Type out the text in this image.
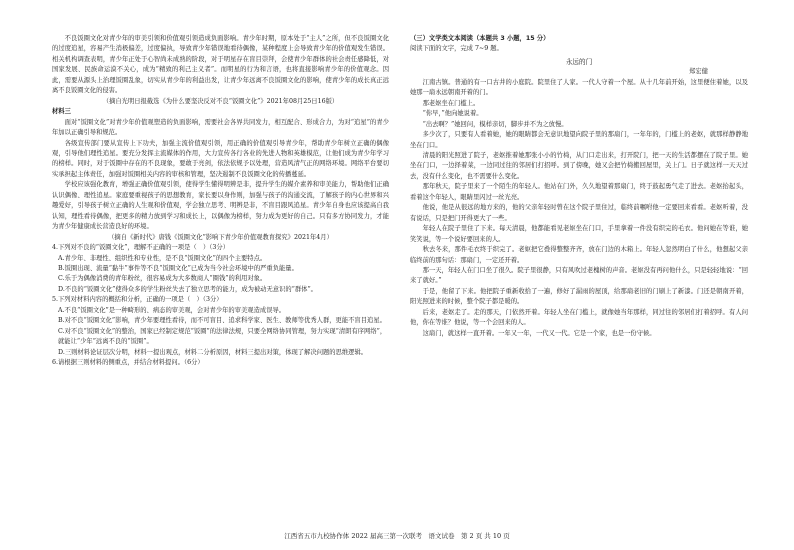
不良饭圈文化对青少年的审美引领和价值观引领造成负面影响。青少年时期，原本处于“主人”之所，但不良饭圈文化的过度追星，容易产生消极偏差，过度偏执，导致青少年错误地看待偶像，某种程度上会导致青少年的价值观发生错误。相关机构调查表明，青少年正处于心智尚未成熟的阶段，对于明星存在盲目崇拜，会使青少年群体的社会责任感降低，对国家发展、民族命运漠不关心，成为“精致的利己主义者”。而明星的行为和言语，也将直接影响青少年的价值观念。因此，需要从源头上治理饭圈乱象，切实从青少年的利益出发，让青少年远离不良饭圈文化的影响，使青少年的成长真正远离不良饭圈文化的侵害。

（摘自光明日报截选《为什么要坚决反对不良“饭圈文化”》2021年08月25日16版）

材料三

面对“饭圈文化”对青少年价值观塑造的负面影响，需要社会各界共同发力，相互配合、形成合力，为对“追星”的青少年加以正确引导和规范。

各级宣传部门要从宣传上下功夫，加强主流价值观引领，用正确的价值观引导青少年，帮助青少年树立正确的偶像观，引导他们理性追星。要充分发挥主流媒体的作用，大力宣传各行各业的先进人物和英雄模范，让他们成为青少年学习的榜样。同时，对于饭圈中存在的不良现象，要敢于亮剑，依法依规予以处理，营造风清气正的网络环境。网络平台要切实承担起主体责任，加强对饭圈相关内容的审核和管理，坚决遏制不良饭圈文化的传播蔓延。

学校应该强化教育，增强正确价值观引领，使得学生懂得明辨是非，提升学生的媒介素养和审美能力，帮助他们正确认识偶像、理性追星。家庭要重视孩子的思想教育，家长要以身作则，加强与孩子的沟通交流，了解孩子的内心世界和兴趣爱好，引导孩子树立正确的人生观和价值观，学会独立思考、明辨是非，不盲目跟风追星。青少年自身也应该提高自我认知，理性看待偶像，把更多的精力放到学习和成长上，以偶像为榜样，努力成为更好的自己。只有多方协同发力，才能为青少年健康成长营造良好的环境。

（摘自《新时代》唐钱《饭圈文化”影响下青少年价值观教育探究》2021年4月）

4.下列对不良的“饭圈文化”，理解不正确的一项是（　）（3分）

A.青少年、非理性、组织性和专业性，是不良“饭圈文化”的四个主要特点。

B.饭圈出现、流量“黏牛”事件等不良“饭圈文化”已成为当今社会环境中的严重负能量。

C.乐于为偶像消费的青年粉丝，很容易成为大多数商人“圈钱”的利用对象。

D.不良的“饭圈文化”使得众多的学生粉丝失去了独立思考的能力，成为被动无意识的“群体”。

5.下列对材料内容的概括和分析，正确的一项是（　）（3分）

A.不良“饭圈文化”是一种畸形的、病态的审美观，会对青少年的审美观造成误导。

B.对不良“饭圈文化”影响，青少年要理性看待，而不可盲目、追求科学家、医生、教师等优秀人群，更能不盲目追星。

C.对不良“饭圈文化”的整治，国家已经制定规范“饭圈”的法律法规，只要全网络协同管理，努力实现“清朗有序网络”，就能让“少年”远离不良的“饭圈”。

D.三则材料论证层次分明，材料一提出观点，材料二分析原因，材料三提出对策，体现了解决问题的思维逻辑。

6.请根据三则材料的侧重点，并结合材料提问。（6分）

（三）文学类文本阅读（本题共 3 小题，15 分）

阅读下面的文字，完成 7~9 题。

永远的门

郑宏健

江南古镇。普通的有一口古井的小庭院。院里住了人家。一代人守着一个屋。从十几年前开始，这里便住着她，以及她那一扇永远朝南开着的门。

那老妪坐在门槛上。

“你早，”他向她说着。

“出去啊？”她回问，模样亲切，脚步并不为之放慢。

多少次了，只要有人看着她，她的眼睛都会无意识地望向院子里的那扇门，一年年的，门槛上的老妪，就那样静静地坐在门口。

清晨的阳光照进了院子，老妪推着她那张小小的竹椅，从门口走出来，打开院门，把一天的生活都摆在了院子里。她坐在门口，一边择着菜，一边同过往的邻居们打招呼。到了傍晚，她又会把竹椅搬回屋里，关上门。日子就这样一天天过去，没有什么变化，也不需要什么变化。

那年秋天，院子里来了一个陌生的年轻人。他站在门外，久久地望着那扇门，终于鼓起勇气走了进去。老妪抬起头，看着这个年轻人，眼睛里闪过一丝光亮。

他说，他是从很远的地方来的，他的父亲年轻时曾在这个院子里住过，临终前嘱咐他一定要回来看看。老妪听着，没有说话，只是把门开得更大了一些。

年轻人在院子里住了下来。每天清晨，他都能看见老妪坐在门口，手里拿着一件没有织完的毛衣。他问她在等谁，她笑笑说，等一个说好要回来的人。

秋去冬来，那件毛衣终于织完了。老妪把它叠得整整齐齐，放在门边的木箱上。年轻人忽然明白了什么，他想起父亲临终前的那句话：那扇门，一定还开着。

那一天，年轻人在门口坐了很久。院子里很静，只有风吹过老槐树的声音。老妪没有再问他什么，只是轻轻地说：“回来了就好。”

于是，他留了下来。他把院子重新收拾了一遍，修好了漏雨的屋顶，给那扇老旧的门刷上了新漆。门还是朝南开着，阳光照进来的时候，整个院子都是暖的。

后来，老妪走了。走的那天，门依然开着。年轻人坐在门槛上，就像她当年那样，同过往的邻居们打着招呼。有人问他，你在等谁？他说，等一个会回来的人。

这扇门，就这样一直开着。一年又一年，一代又一代。它是一个家，也是一份守候。

江西省五市九校协作体 2022 届高三第一次联考　语文试卷　第 2 页 共 10 页
